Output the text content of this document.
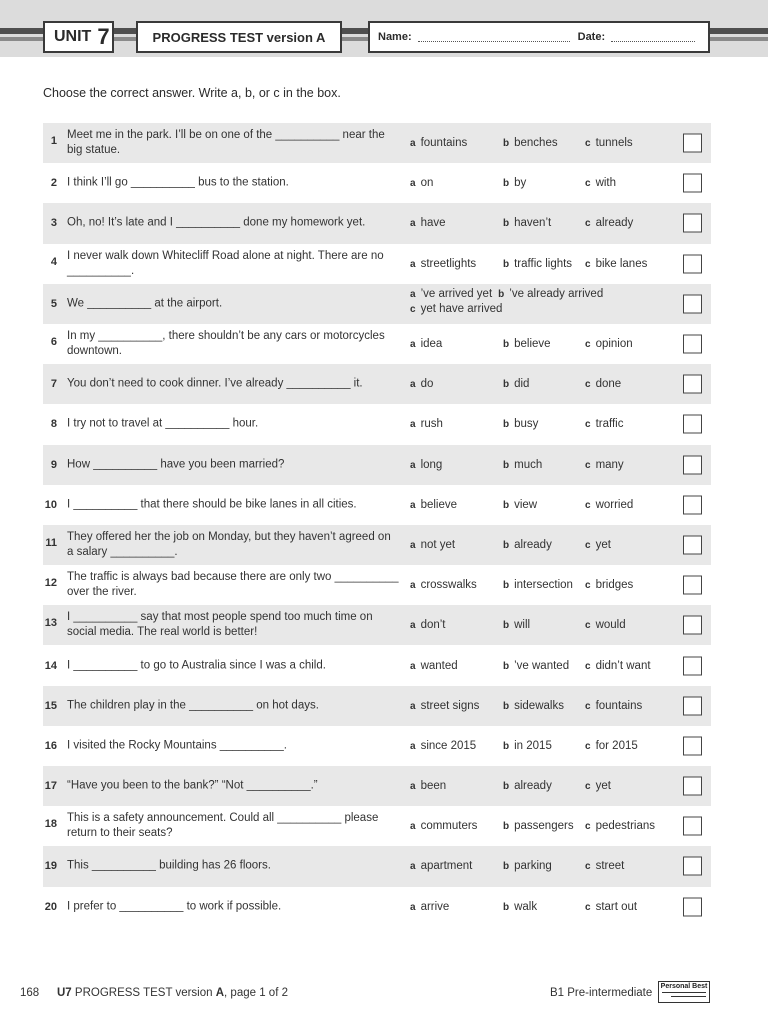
UNIT 7	PROGRESS TEST version A	Name:	Date:
Choose the correct answer. Write a, b, or c in the box.
1 Meet me in the park. I’ll be on one of the __________ near the big statue.
a fountains	b benches	c tunnels
2 I think I’ll go __________ bus to the station.	a on	b by	c with
3 Oh, no! It’s late and I __________ done my homework yet.	a have	b haven’t	c already
4 I never walk down Whitecliff Road alone at night. There are no __________.
a streetlights	b traffic lights c bike lanes
5 We __________ at the airport.
a ’ve arrived yet b ’ve already arrived
c yet have arrived
6 In my __________, there shouldn’t be any cars or motorcycles downtown.
a idea	b believe	c opinion
7 You don’t need to cook dinner. I’ve already __________ it.	a do	b did	c done
8 I try not to travel at __________ hour.	a rush	b busy	c traffic
9 How __________ have you been married?	a long	b much	c many
10 I __________ that there should be bike lanes in all cities.	a believe	b view	c worried
11 They offered her the job on Monday, but they haven’t agreed on a salary __________.
a not yet	b already	c yet
12 The traffic is always bad because there are only two __________ over the river.
a crosswalks	b intersection c bridges
13 I __________ say that most people spend too much time on social media. The real world is better!
a don’t	b will	c would
14 I __________ to go to Australia since I was a child.	a wanted	b ’ve wanted c didn’t want
15 The children play in the __________ on hot days.	a street signs b sidewalks c fountains
16 I visited the Rocky Mountains __________.	a since 2015	b in 2015	c for 2015
17 “Have you been to the bank?” “Not __________.”	a been	b already	c yet
18 This is a safety announcement. Could all __________ please return to their seats?
a commuters	b passengers c pedestrians
19 This __________ building has 26 floors.	a apartment	b parking	c street
20 I prefer to __________ to work if possible.	a arrive	b walk	c start out
168 U7 PROGRESS TEST version A, page 1 of 2	B1 Pre-intermediate
Personal Best
